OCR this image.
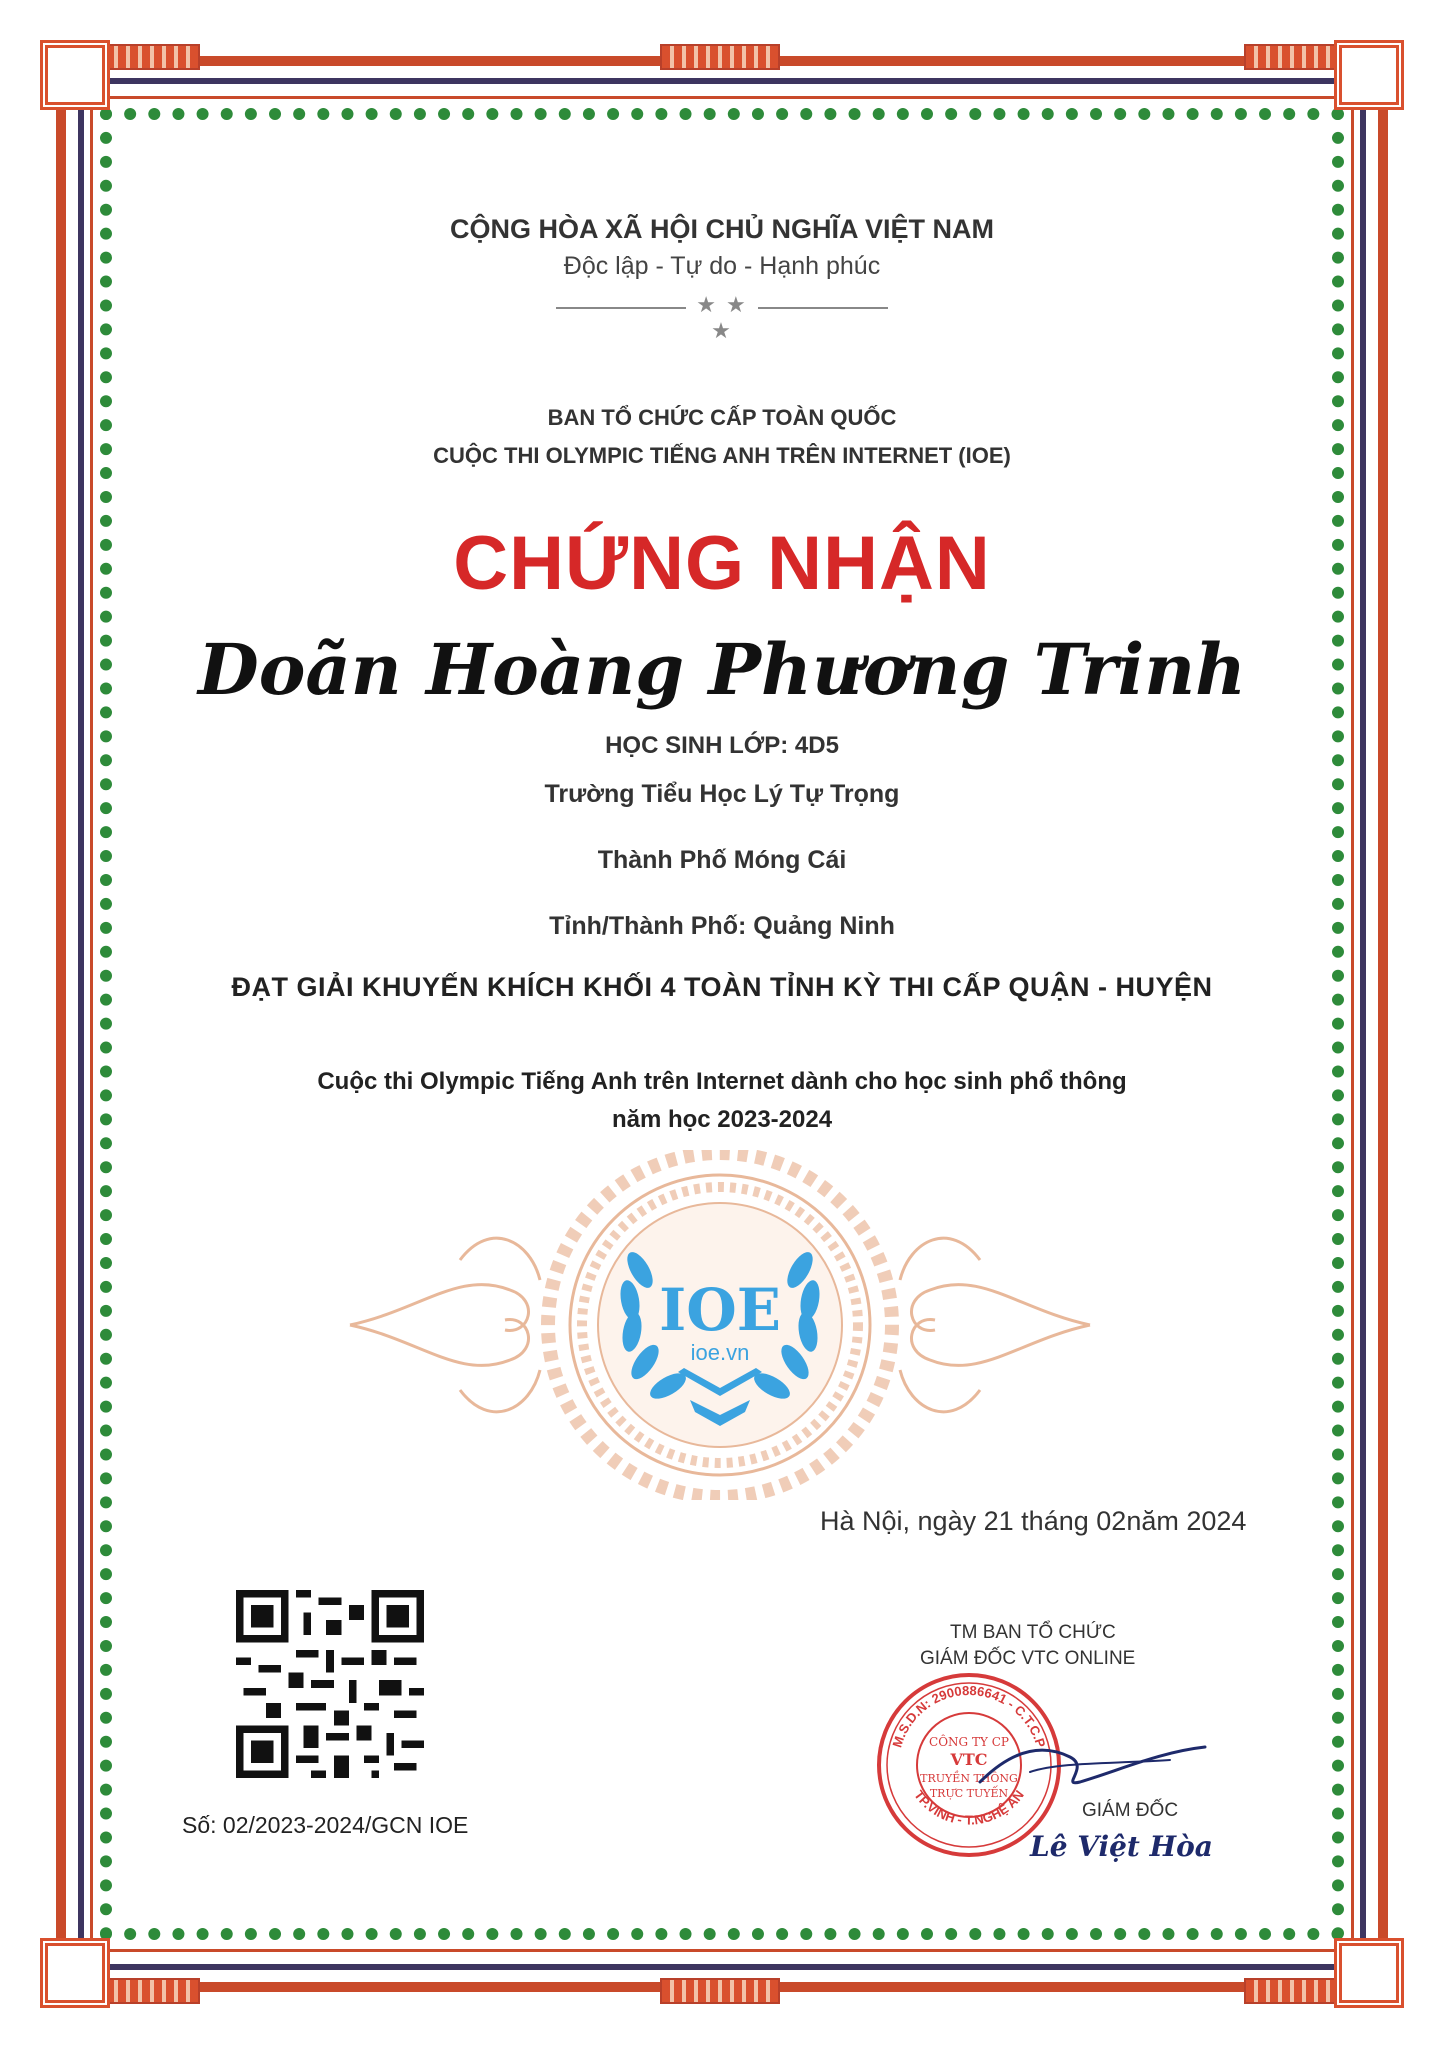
CỘNG HÒA XÃ HỘI CHỦ NGHĨA VIỆT NAM
Độc lập - Tự do - Hạnh phúc
★ ★ ★
BAN TỔ CHỨC CẤP TOÀN QUỐC
CUỘC THI OLYMPIC TIẾNG ANH TRÊN INTERNET (IOE)
CHỨNG NHẬN
Doãn Hoàng Phương Trinh
HỌC SINH LỚP: 4D5
Trường Tiểu Học Lý Tự Trọng
Thành Phố Móng Cái
Tỉnh/Thành Phố: Quảng Ninh
ĐẠT GIẢI KHUYẾN KHÍCH KHỐI 4 TOÀN TỈNH KỲ THI CẤP QUẬN - HUYỆN
Cuộc thi Olympic Tiếng Anh trên Internet dành cho học sinh phổ thông
năm học 2023-2024
IOE
ioe.vn
Hà Nội, ngày 21 tháng 02năm 2024
Số: 02/2023-2024/GCN IOE
TM BAN TỔ CHỨC
GIÁM ĐỐC VTC ONLINE
M.S.D.N: 2900886641 - C.T.C.P
TP.VINH - T.NGHỆ AN
CÔNG TY CP
VTC
TRUYỀN THÔNG
TRỰC TUYẾN
GIÁM ĐỐC
Lê Việt Hòa
